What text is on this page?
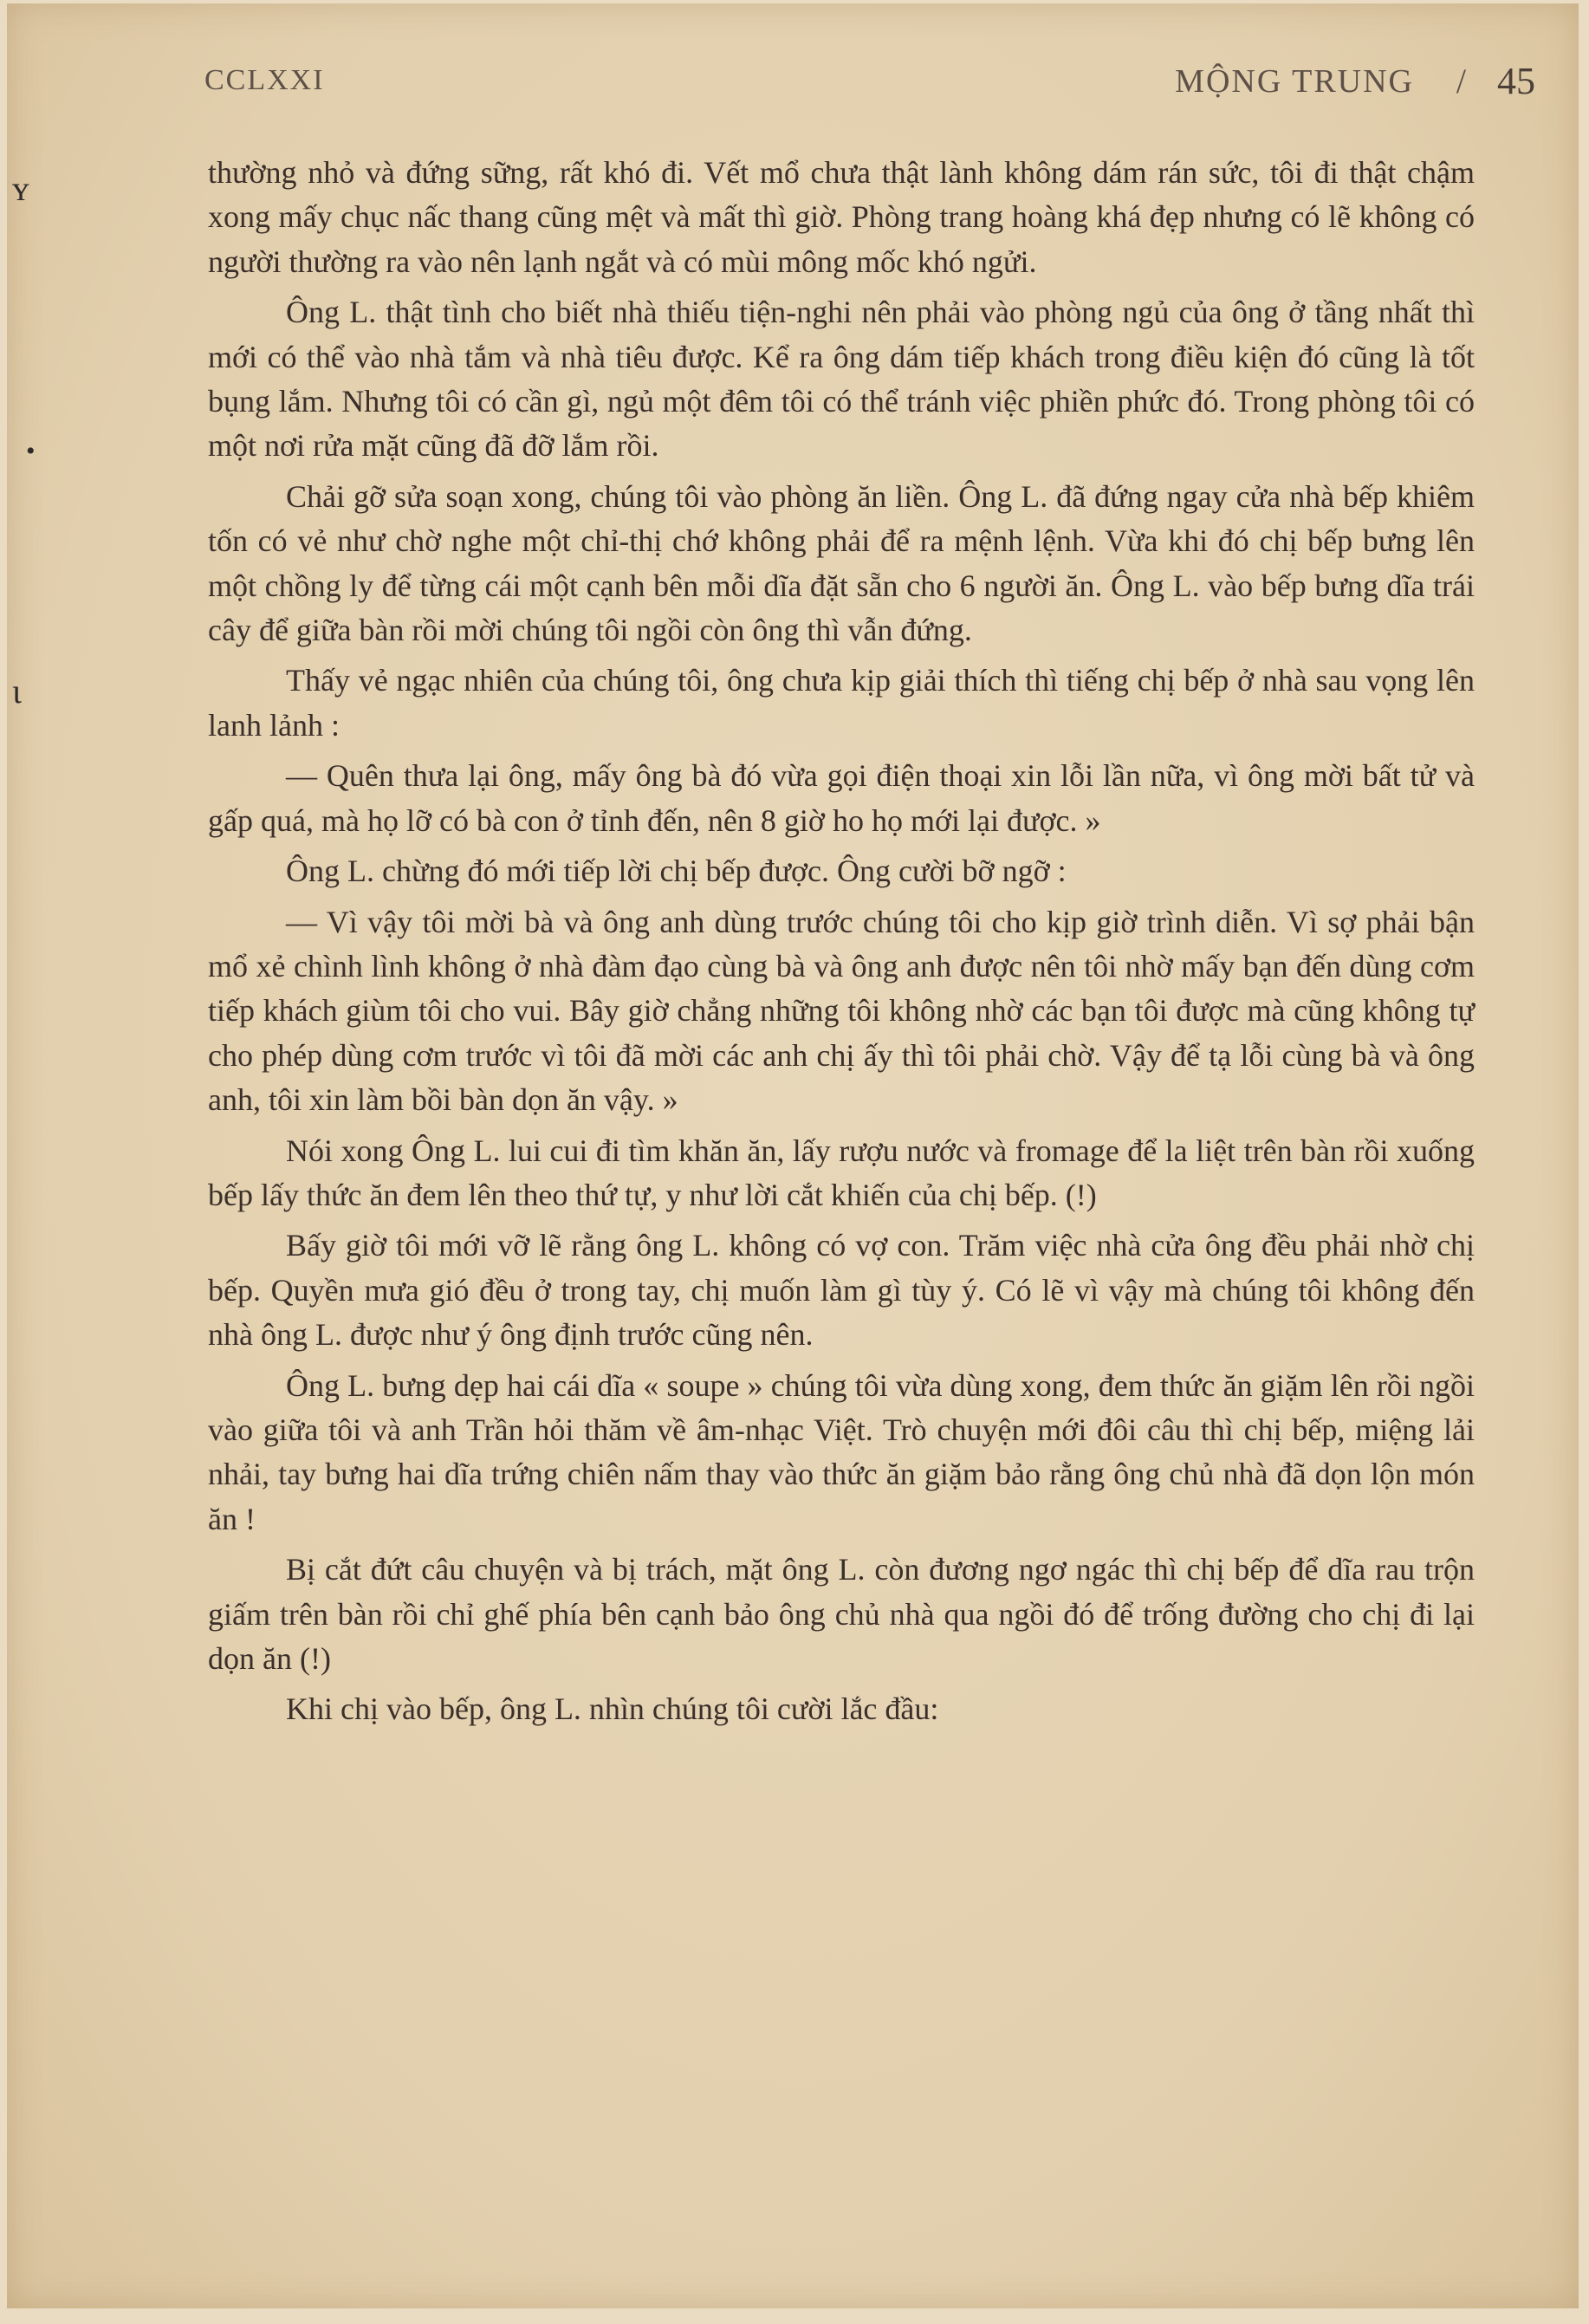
CCLXXI	MỘNG TRUNG / 45
ʏ
•
ι

thường nhỏ và đứng sững, rất khó đi. Vết mổ chưa thật lành không dám rán sức, tôi đi thật chậm xong mấy chục nấc thang cũng mệt và mất thì giờ. Phòng trang hoàng khá đẹp nhưng có lẽ không có người thường ra vào nên lạnh ngắt và có mùi mông mốc khó ngửi.

Ông L. thật tình cho biết nhà thiếu tiện-nghi nên phải vào phòng ngủ của ông ở tầng nhất thì mới có thể vào nhà tắm và nhà tiêu được. Kể ra ông dám tiếp khách trong điều kiện đó cũng là tốt bụng lắm. Nhưng tôi có cần gì, ngủ một đêm tôi có thể tránh việc phiền phức đó. Trong phòng tôi có một nơi rửa mặt cũng đã đỡ lắm rồi.

Chải gỡ sửa soạn xong, chúng tôi vào phòng ăn liền. Ông L. đã đứng ngay cửa nhà bếp khiêm tốn có vẻ như chờ nghe một chỉ-thị chớ không phải để ra mệnh lệnh. Vừa khi đó chị bếp bưng lên một chồng ly để từng cái một cạnh bên mỗi dĩa đặt sẵn cho 6 người ăn. Ông L. vào bếp bưng dĩa trái cây để giữa bàn rồi mời chúng tôi ngồi còn ông thì vẫn đứng.

Thấy vẻ ngạc nhiên của chúng tôi, ông chưa kịp giải thích thì tiếng chị bếp ở nhà sau vọng lên lanh lảnh :

— Quên thưa lại ông, mấy ông bà đó vừa gọi điện thoại xin lỗi lần nữa, vì ông mời bất tử và gấp quá, mà họ lỡ có bà con ở tỉnh đến, nên 8 giờ ho họ mới lại được. »

Ông L. chừng đó mới tiếp lời chị bếp được. Ông cười bỡ ngỡ :

— Vì vậy tôi mời bà và ông anh dùng trước chúng tôi cho kịp giờ trình diễn. Vì sợ phải bận mổ xẻ chình lình không ở nhà đàm đạo cùng bà và ông anh được nên tôi nhờ mấy bạn đến dùng cơm tiếp khách giùm tôi cho vui. Bây giờ chẳng những tôi không nhờ các bạn tôi được mà cũng không tự cho phép dùng cơm trước vì tôi đã mời các anh chị ấy thì tôi phải chờ. Vậy để tạ lỗi cùng bà và ông anh, tôi xin làm bồi bàn dọn ăn vậy. »

Nói xong Ông L. lui cui đi tìm khăn ăn, lấy rượu nước và fromage để la liệt trên bàn rồi xuống bếp lấy thức ăn đem lên theo thứ tự, y như lời cắt khiến của chị bếp. (!)

Bấy giờ tôi mới vỡ lẽ rằng ông L. không có vợ con. Trăm việc nhà cửa ông đều phải nhờ chị bếp. Quyền mưa gió đều ở trong tay, chị muốn làm gì tùy ý. Có lẽ vì vậy mà chúng tôi không đến nhà ông L. được như ý ông định trước cũng nên.

Ông L. bưng dẹp hai cái dĩa « soupe » chúng tôi vừa dùng xong, đem thức ăn giặm lên rồi ngồi vào giữa tôi và anh Trần hỏi thăm về âm-nhạc Việt. Trò chuyện mới đôi câu thì chị bếp, miệng lải nhải, tay bưng hai dĩa trứng chiên nấm thay vào thức ăn giặm bảo rằng ông chủ nhà đã dọn lộn món ăn !

Bị cắt đứt câu chuyện và bị trách, mặt ông L. còn đương ngơ ngác thì chị bếp để dĩa rau trộn giấm trên bàn rồi chỉ ghế phía bên cạnh bảo ông chủ nhà qua ngồi đó để trống đường cho chị đi lại dọn ăn (!)

Khi chị vào bếp, ông L. nhìn chúng tôi cười lắc đầu:
